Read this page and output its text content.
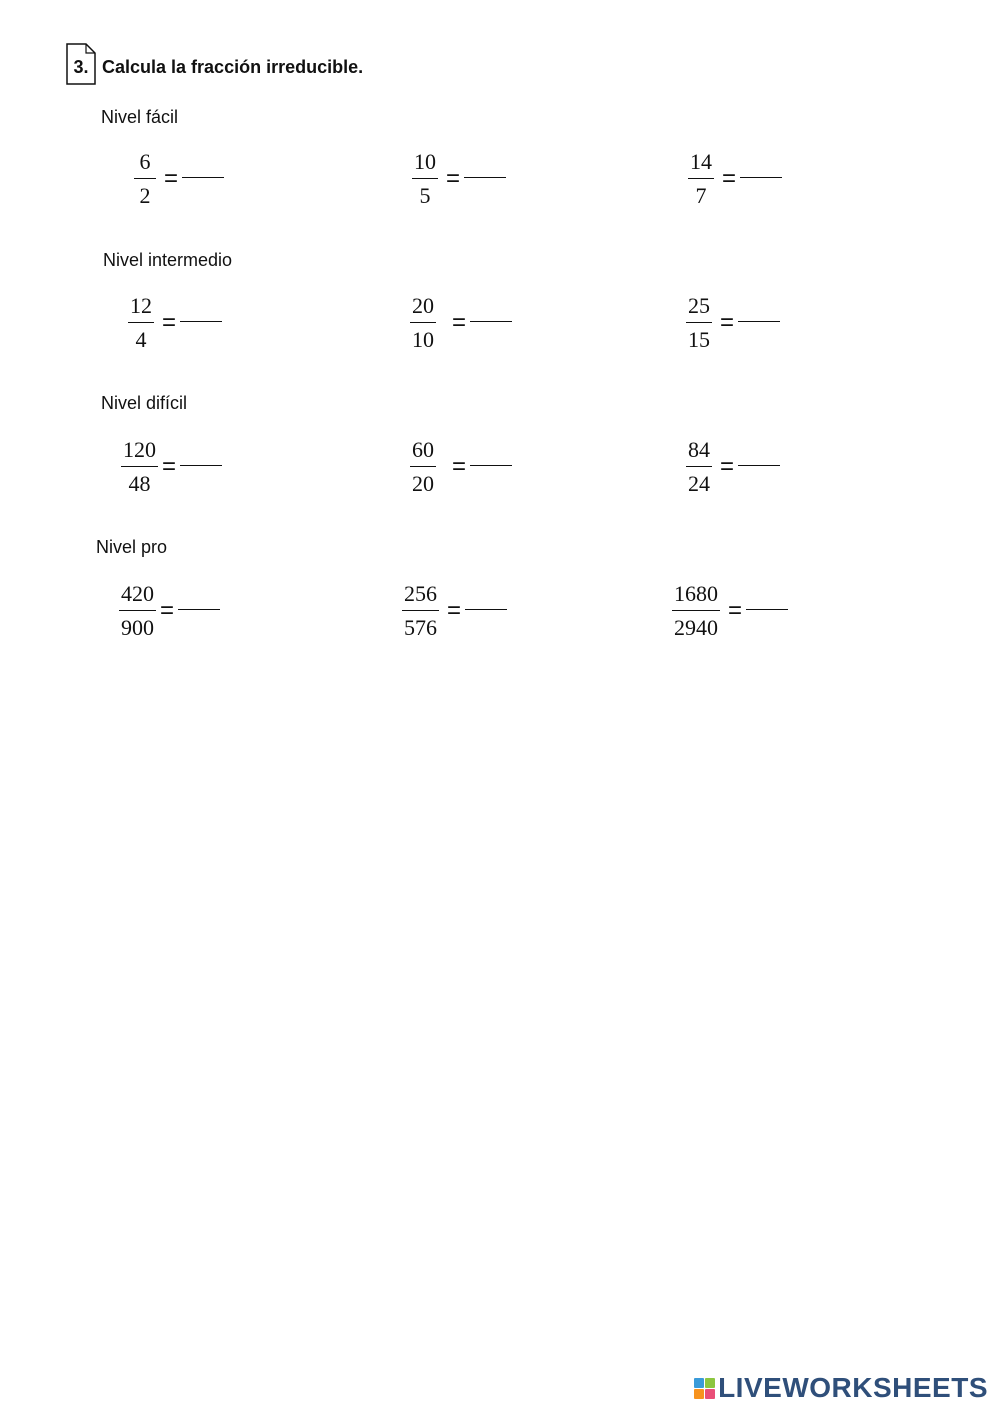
3. Calcula la fracción irreducible.
Nivel fácil
$\frac{6}{2}$ =	$\frac{10}{5}$ =	$\frac{14}{7}$ =
Nivel intermedio
$\frac{12}{4}$ =	$\frac{20}{10}$ =	$\frac{25}{15}$ =
Nivel difícil
$\frac{120}{48}$ =	$\frac{60}{20}$ =	$\frac{84}{24}$ =
Nivel pro
$\frac{420}{900}$ =	$\frac{256}{576}$ =	$\frac{1680}{2940}$ =
LIVEWORKSHEETS
